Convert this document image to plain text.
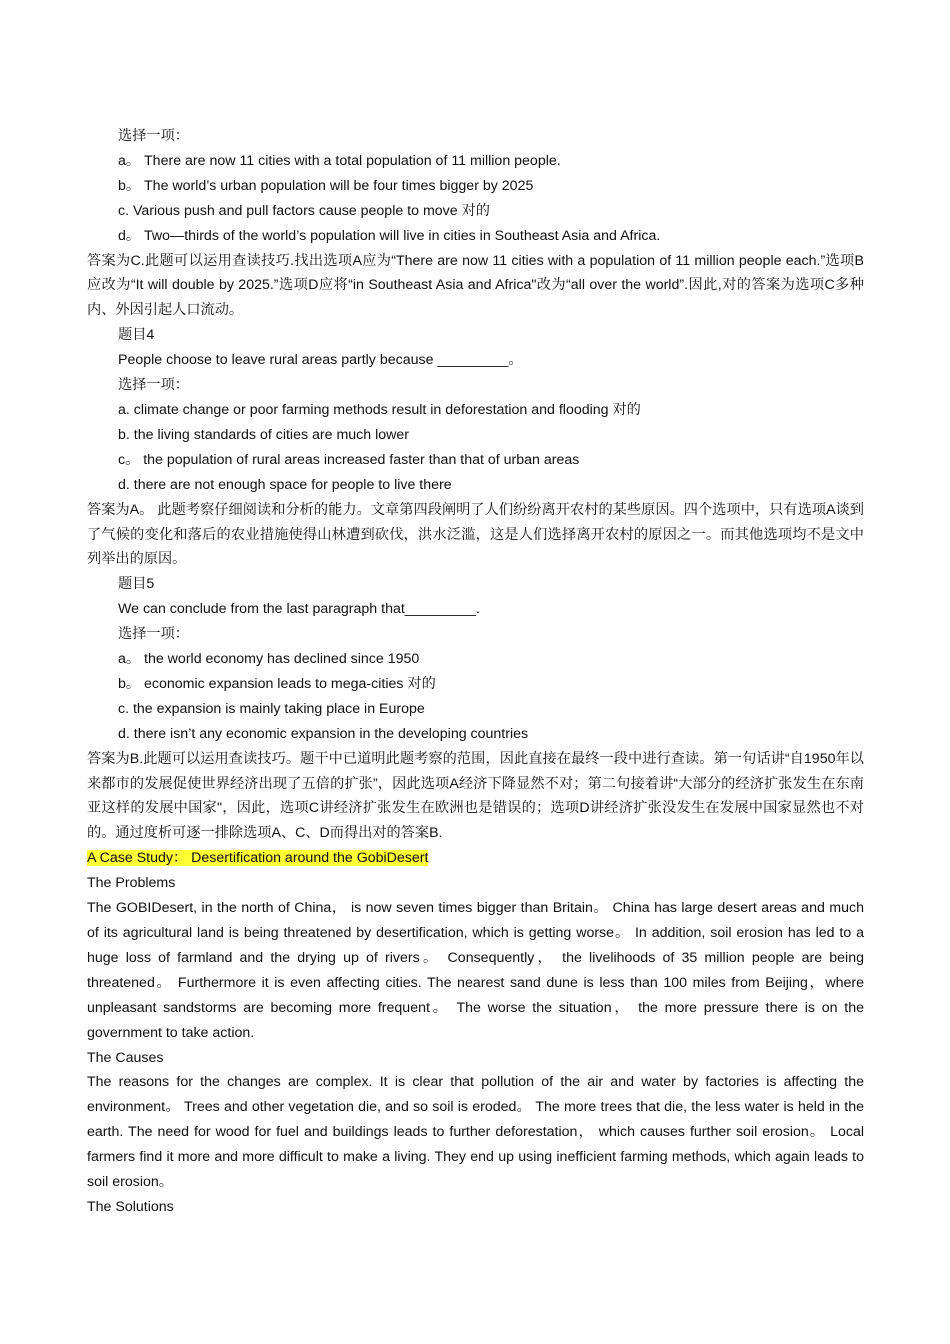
选择一项：

a。 There are now 11 cities with a total population of 11 million people.

b。 The world’s urban population will be four times bigger by 2025

c. Various push and pull factors cause people to move 对的

d。 Two—thirds of the world’s population will live in cities in Southeast Asia and Africa.

答案为C.此题可以运用查读技巧.找出选项A应为“There are now 11 cities with a population of 11 million people each.”选项B应改为“It will double by 2025.”选项D应将“in Southeast Asia and Africa"改为“all over the world”.因此,对的答案为选项C多种内、外因引起人口流动。

题目4

People choose to leave rural areas partly because _________。

选择一项：

a. climate change or poor farming methods result in deforestation and flooding 对的

b. the living standards of cities are much lower

c。 the population of rural areas increased faster than that of urban areas

d. there are not enough space for people to live there

答案为A。 此题考察仔细阅读和分析的能力。文章第四段阐明了人们纷纷离开农村的某些原因。四个选项中，只有选项A谈到了气候的变化和落后的农业措施使得山林遭到砍伐，洪水泛滥，这是人们选择离开农村的原因之一。而其他选项均不是文中列举出的原因。

题目5

We can conclude from the last paragraph that_________.

选择一项：

a。 the world economy has declined since 1950

b。 economic expansion leads to mega-cities 对的

c. the expansion is mainly taking place in Europe

d. there isn’t any economic expansion in the developing countries

答案为B.此题可以运用查读技巧。题干中已道明此题考察的范围，因此直接在最终一段中进行查读。第一句话讲“自1950年以来都市的发展促使世界经济出现了五倍的扩张”，因此选项A经济下降显然不对；第二句接着讲“大部分的经济扩张发生在东南亚这样的发展中国家"，因此，选项C讲经济扩张发生在欧洲也是错误的；选项D讲经济扩张没发生在发展中国家显然也不对的。通过度析可逐一排除选项A、C、D而得出对的答案B.

A Case Study： Desertification around the GobiDesert

The Problems

The GOBIDesert, in the north of China， is now seven times bigger than Britain。 China has large desert areas and much of its agricultural land is being threatened by desertification, which is getting worse。 In addition, soil erosion has led to a huge loss of farmland and the drying up of rivers。 Consequently， the livelihoods of 35 million people are being threatened。 Furthermore it is even affecting cities. The nearest sand dune is less than 100 miles from Beijing，where unpleasant sandstorms are becoming more frequent。 The worse the situation， the more pressure there is on the government to take action.

The Causes

The reasons for the changes are complex. It is clear that pollution of the air and water by factories is affecting the environment。 Trees and other vegetation die, and so soil is eroded。 The more trees that die, the less water is held in the earth. The need for wood for fuel and buildings leads to further deforestation， which causes further soil erosion。 Local farmers find it more and more difficult to make a living. They end up using inefficient farming methods, which again leads to soil erosion。

The Solutions
